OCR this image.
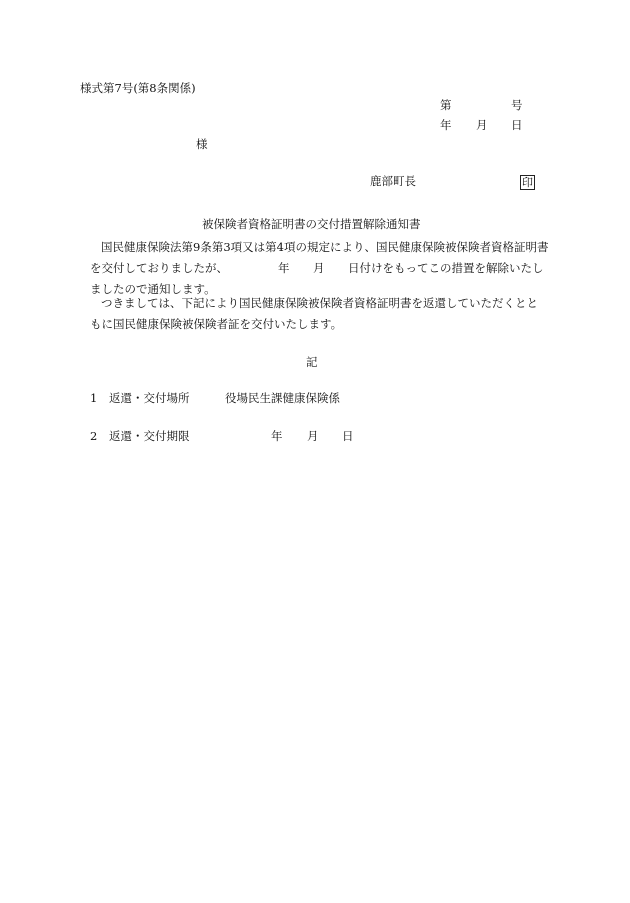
様式第7号(第8条関係)
第	号
年 月 日
様
鹿部町長	印
被保険者資格証明書の交付措置解除通知書
国民健康保険法第9条第3項又は第4項の規定により、国民健康保険被保険者資格証明書
を交付しておりましたが、	年 月 日付けをもってこの措置を解除いたし
ましたので通知します。
つきましては、下記により国民健康保険被保険者資格証明書を返還していただくとと
もに国民健康保険被保険者証を交付いたします。
記
1 返還・交付場所	役場民生課健康保険係
2 返還・交付期限	年 月 日
